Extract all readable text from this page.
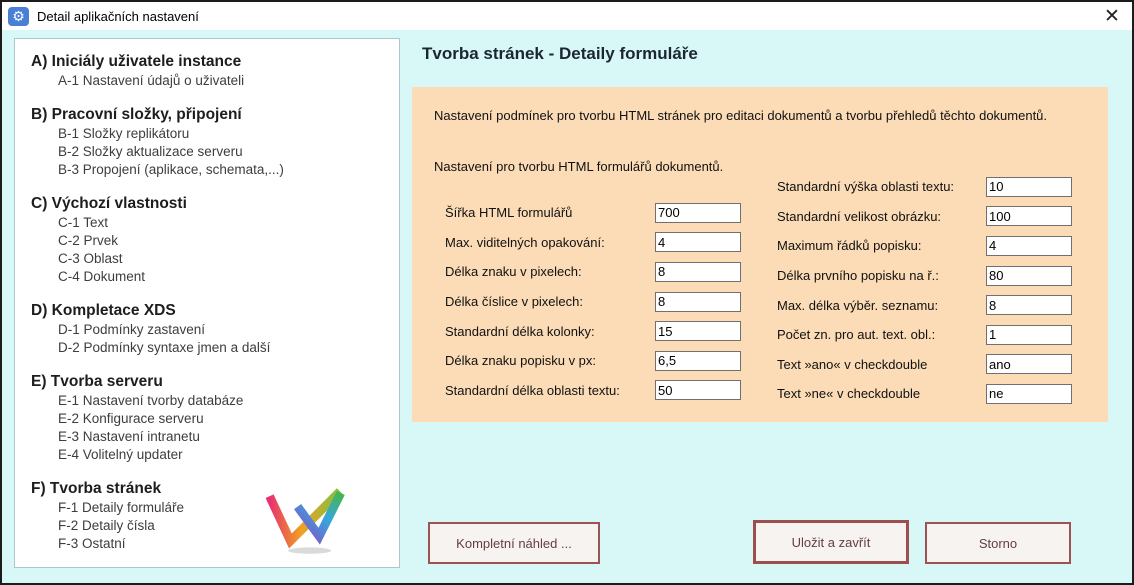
⚙ Detail aplikačních nastavení	✕
A) Iniciály uživatele instance
A-1 Nastavení údajů o uživateli
B) Pracovní složky, připojení
B-1 Složky replikátoru
B-2 Složky aktualizace serveru
B-3 Propojení (aplikace, schemata,...)
C) Výchozí vlastnosti
C-1 Text
C-2 Prvek
C-3 Oblast
C-4 Dokument
D) Kompletace XDS
D-1 Podmínky zastavení
D-2 Podmínky syntaxe jmen a další
E) Tvorba serveru
E-1 Nastavení tvorby databáze
E-2 Konfigurace serveru
E-3 Nastavení intranetu
E-4 Volitelný updater
F) Tvorba stránek
F-1 Detaily formuláře
F-2 Detaily čísla
F-3 Ostatní
Tvorba stránek - Detaily formuláře
Nastavení podmínek pro tvorbu HTML stránek pro editaci dokumentů a tvorbu přehledů těchto dokumentů.
Nastavení pro tvorbu HTML formulářů dokumentů.
Šířka HTML formulářů
700
Max. viditelných opakování:
4
Délka znaku v pixelech:
8
Délka číslice v pixelech:
8
Standardní délka kolonky:
15
Délka znaku popisku v px:
6,5
Standardní délka oblasti textu:
50
Standardní výška oblasti textu:
10
Standardní velikost obrázku:
100
Maximum řádků popisku:
4
Délka prvního popisku na ř.:
80
Max. délka výběr. seznamu:
8
Počet zn. pro aut. text. obl.:
1
Text »ano« v checkdouble
ano
Text »ne« v checkdouble
ne
Kompletní náhled ...	Uložit a zavřít	Storno
